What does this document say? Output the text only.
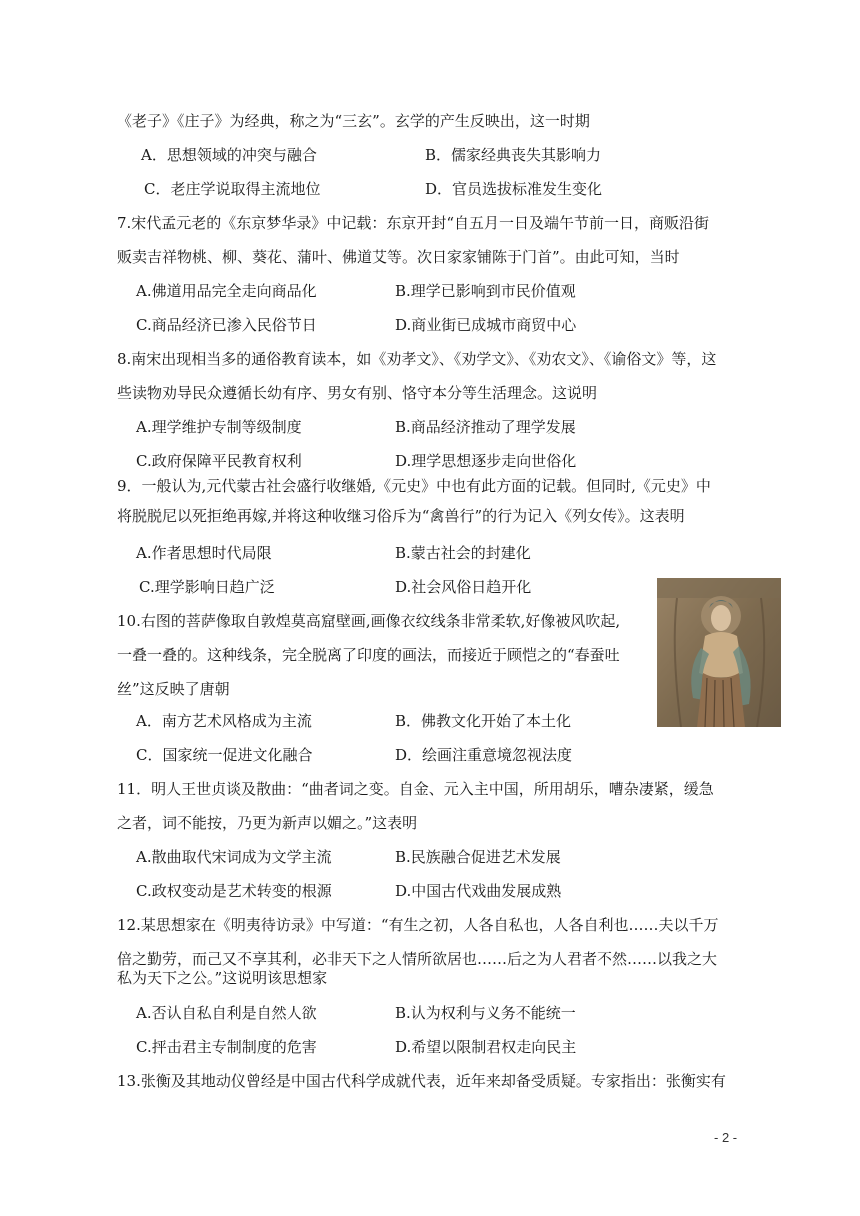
《老子》《庄子》为经典，称之为“三玄”。玄学的产生反映出，这一时期
A．思想领域的冲突与融合	B．儒家经典丧失其影响力
C．老庄学说取得主流地位	D．官员选拔标准发生变化
7.宋代孟元老的《东京梦华录》中记载：东京开封“自五月一日及端午节前一日，商贩沿街
贩卖吉祥物桃、柳、葵花、蒲叶、佛道艾等。次日家家铺陈于门首”。由此可知，当时
A.佛道用品完全走向商品化	B.理学已影响到市民价值观
C.商品经济已渗入民俗节日	D.商业街已成城市商贸中心
8.南宋出现相当多的通俗教育读本，如《劝孝文》、《劝学文》、《劝农文》、《谕俗文》等，这
些读物劝导民众遵循长幼有序、男女有别、恪守本分等生活理念。这说明
A.理学维护专制等级制度	B.商品经济推动了理学发展
C.政府保障平民教育权利	D.理学思想逐步走向世俗化
9．一般认为,元代蒙古社会盛行收继婚,《元史》中也有此方面的记载。但同时,《元史》中
将脱脱尼以死拒绝再嫁,并将这种收继习俗斥为“禽兽行”的行为记入《列女传》。这表明
A.作者思想时代局限	B.蒙古社会的封建化
C.理学影响日趋广泛	D.社会风俗日趋开化
10.右图的菩萨像取自敦煌莫高窟壁画,画像衣纹线条非常柔软,好像被风吹起,
一叠一叠的。这种线条，完全脱离了印度的画法，而接近于顾恺之的“春蚕吐
丝”这反映了唐朝
A．南方艺术风格成为主流	B．佛教文化开始了本土化
C．国家统一促进文化融合	D．绘画注重意境忽视法度
11．明人王世贞谈及散曲：“曲者词之变。自金、元入主中国，所用胡乐，嘈杂凄紧，缓急
之者，词不能按，乃更为新声以媚之。”这表明
A.散曲取代宋词成为文学主流	B.民族融合促进艺术发展
C.政权变动是艺术转变的根源	D.中国古代戏曲发展成熟
12.某思想家在《明夷待访录》中写道：“有生之初，人各自私也，人各自利也……夫以千万
倍之勤劳，而己又不享其利，必非天下之人情所欲居也……后之为人君者不然……以我之大
私为天下之公。”这说明该思想家
A.否认自私自利是自然人欲	B.认为权利与义务不能统一
C.抨击君主专制制度的危害	D.希望以限制君权走向民主
13.张衡及其地动仪曾经是中国古代科学成就代表，近年来却备受质疑。专家指出：张衡实有
- 2 -
